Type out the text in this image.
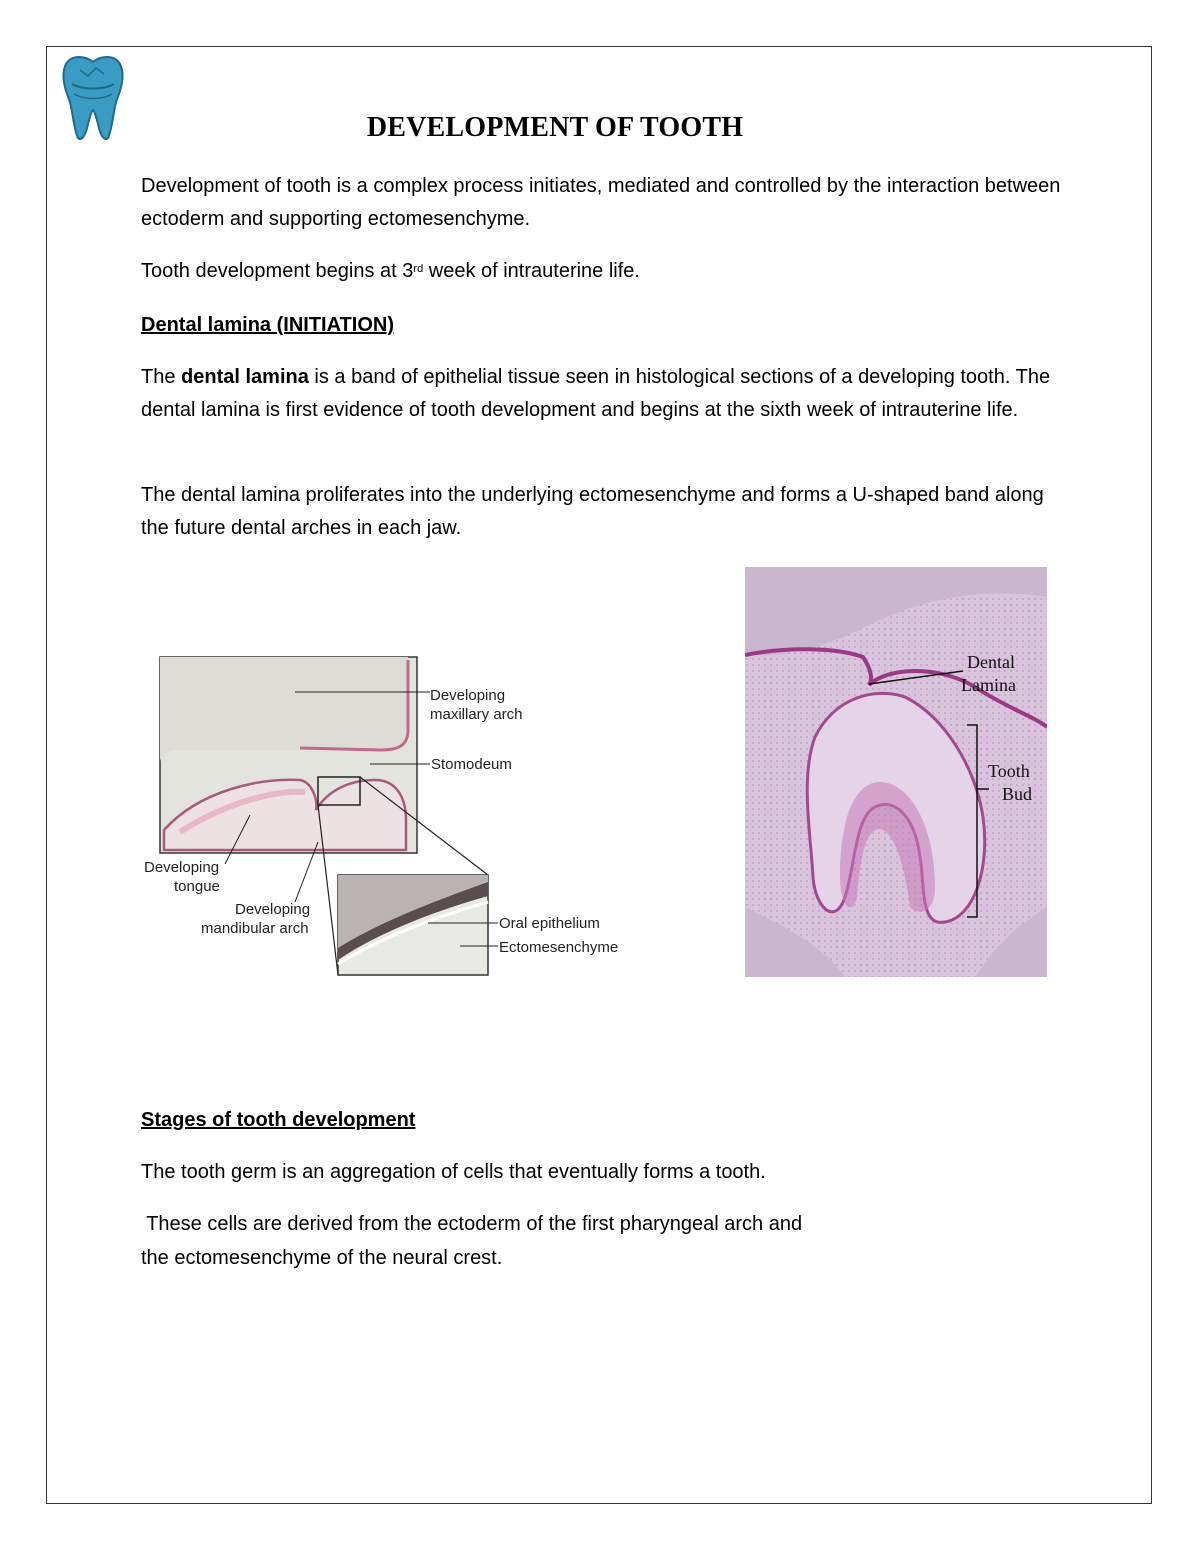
DEVELOPMENT OF TOOTH

Development of tooth is a complex process initiates, mediated and controlled by the interaction between ectoderm and supporting ectomesenchyme.

Tooth development begins at 3rd week of intrauterine life.

Dental lamina (INITIATION)

The dental lamina is a band of epithelial tissue seen in histological sections of a developing tooth. The dental lamina is first evidence of tooth development and begins at the sixth week of intrauterine life.

The dental lamina proliferates into the underlying ectomesenchyme and forms a U-shaped band along the future dental arches in each jaw.

Developing
maxillary arch
Stomodeum
Developing
tongue
Developing
mandibular arch	Oral epithelium
Ectomesenchyme
Dental
Lamina
Tooth
Bud

Stages of tooth development

The tooth germ is an aggregation of cells that eventually forms a tooth.

These cells are derived from the ectoderm of the first pharyngeal arch and

the ectomesenchyme of the neural crest.
